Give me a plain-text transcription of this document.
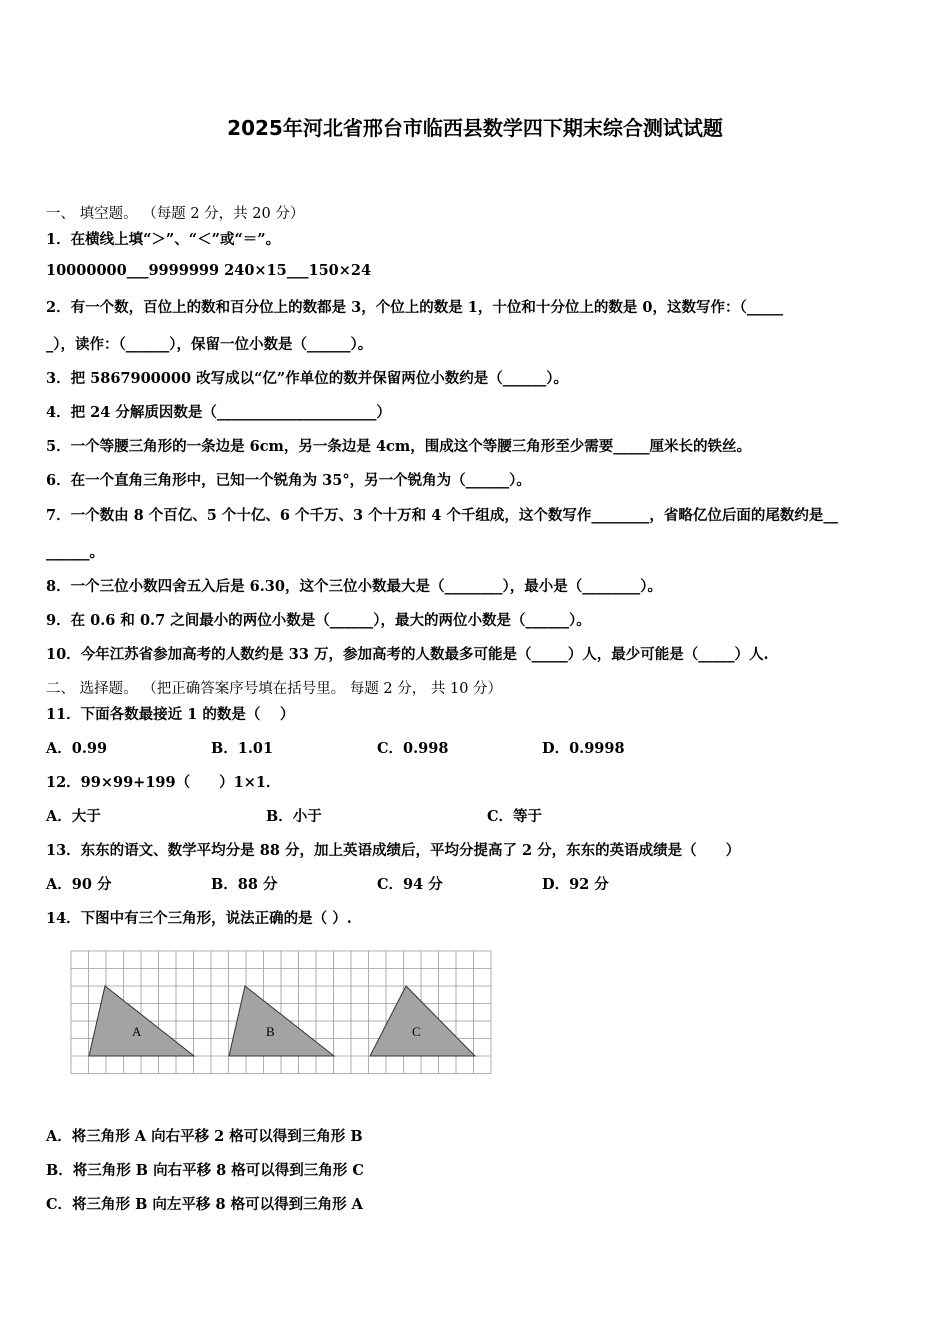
2025年河北省邢台市临西县数学四下期末综合测试试题
一、 填空题。 （每题 2 分，共 20 分）
1．在横线上填“＞”、“＜”或“＝”。
10000000___9999999 240×15___150×24
2．有一个数，百位上的数和百分位上的数都是 3，个位上的数是 1，十位和十分位上的数是 0，这数写作：（_____
_），读作：（______），保留一位小数是（______）。
3．把 5867900000 改写成以“亿”作单位的数并保留两位小数约是（______）。
4．把 24 分解质因数是（______________________）
5．一个等腰三角形的一条边是 6cm，另一条边是 4cm，围成这个等腰三角形至少需要_____厘米长的铁丝。
6．在一个直角三角形中，已知一个锐角为 35°，另一个锐角为（______）。
7．一个数由 8 个百亿、5 个十亿、6 个千万、3 个十万和 4 个千组成，这个数写作________，省略亿位后面的尾数约是__
______。
8．一个三位小数四舍五入后是 6.30，这个三位小数最大是（________），最小是（________）。
9．在 0.6 和 0.7 之间最小的两位小数是（______），最大的两位小数是（______）。
10．今年江苏省参加高考的人数约是 33 万，参加高考的人数最多可能是（_____）人，最少可能是（_____）人.
二、 选择题。 （把正确答案序号填在括号里。 每题 2 分， 共 10 分）
11．下面各数最接近 1 的数是（　 ）
A．0.99	B．1.01	C．0.998	D．0.9998
12．99×99+199（　　）1×1．
A．大于	B．小于	C．等于
13．东东的语文、数学平均分是 88 分，加上英语成绩后，平均分提高了 2 分，东东的英语成绩是（　　）
A．90 分	B．88 分	C．94 分	D．92 分
14．下图中有三个三角形，说法正确的是（ ）.
A	B	C
A．将三角形 A 向右平移 2 格可以得到三角形 B
B．将三角形 B 向右平移 8 格可以得到三角形 C
C．将三角形 B 向左平移 8 格可以得到三角形 A
